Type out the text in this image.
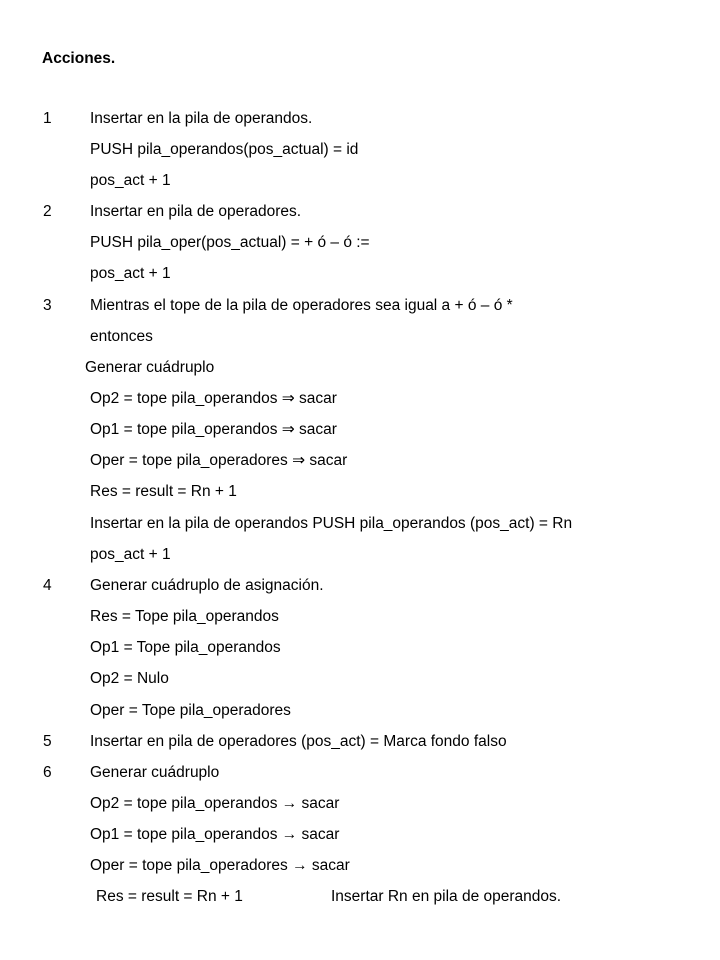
Acciones.
1	Insertar en la pila de operandos.
PUSH pila_operandos(pos_actual) = id
pos_act + 1
2	Insertar en pila de operadores.
PUSH pila_oper(pos_actual) = + ó – ó :=
pos_act + 1
3	Mientras el tope de la pila de operadores sea igual a + ó – ó *
entonces
Generar cuádruplo
Op2 = tope pila_operandos ⇒ sacar
Op1 = tope pila_operandos ⇒ sacar
Oper = tope pila_operadores ⇒ sacar
Res = result = Rn + 1
Insertar en la pila de operandos PUSH pila_operandos (pos_act) = Rn
pos_act + 1
4	Generar cuádruplo de asignación.
Res = Tope pila_operandos
Op1 = Tope pila_operandos
Op2 = Nulo
Oper = Tope pila_operadores
5	Insertar en pila de operadores (pos_act) = Marca fondo falso
6	Generar cuádruplo
Op2 = tope pila_operandos → sacar
Op1 = tope pila_operandos → sacar
Oper = tope pila_operadores → sacar
Res = result = Rn + 1	Insertar Rn en pila de operandos.
